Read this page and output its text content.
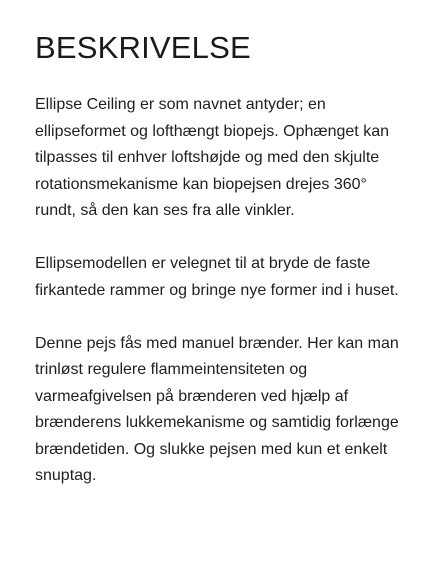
BESKRIVELSE

Ellipse Ceiling er som navnet antyder; en
ellipseformet og lofthængt biopejs. Ophænget kan
tilpasses til enhver loftshøjde og med den skjulte
rotationsmekanisme kan biopejsen drejes 360°
rundt, så den kan ses fra alle vinkler.

Ellipsemodellen er velegnet til at bryde de faste
firkantede rammer og bringe nye former ind i huset.

Denne pejs fås med manuel brænder. Her kan man
trinløst regulere flammeintensiteten og
varmeafgivelsen på brænderen ved hjælp af
brænderens lukkemekanisme og samtidig forlænge
brændetiden. Og slukke pejsen med kun et enkelt
snuptag.
